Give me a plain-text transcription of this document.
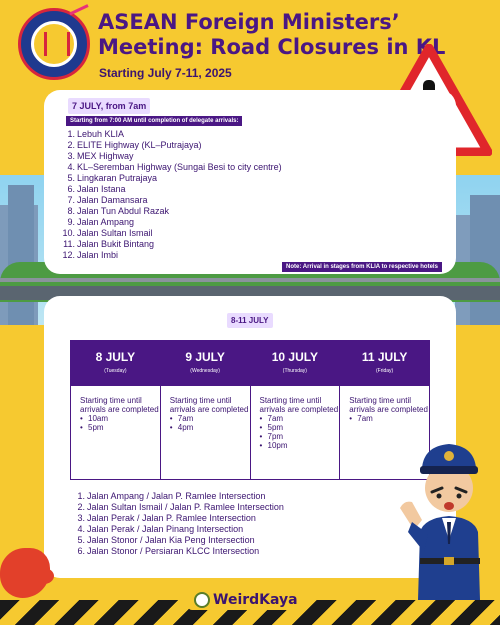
ASEAN Foreign Ministers’ Meeting: Road Closures in KL
Starting July 7-11, 2025
7 JULY, from 7am
Starting from 7:00 AM until completion of delegate arrivals:
1. Lebuh KLIA
2. ELITE Highway (KL–Putrajaya)
3. MEX Highway
4. KL–Seremban Highway (Sungai Besi to city centre)
5. Lingkaran Putrajaya
6. Jalan Istana
7. Jalan Damansara
8. Jalan Tun Abdul Razak
9. Jalan Ampang
10. Jalan Sultan Ismail
11. Jalan Bukit Bintang
12. Jalan Imbi
Note: Arrival in stages from KLIA to respective hotels
8-11 JULY
8 JULY
(Tuesday)
Starting time until arrivals are completed
• 10am
• 5pm
9 JULY
(Wednesday)
Starting time until arrivals are completed
• 7am
• 4pm
10 JULY
(Thursday)
Starting time until arrivals are completed
• 7am
• 5pm
• 7pm
• 10pm
11 JULY
(Friday)
Starting time until arrivals are completed
• 7am
1. Jalan Ampang / Jalan P. Ramlee Intersection
2. Jalan Sultan Ismail / Jalan P. Ramlee Intersection
3. Jalan Perak / Jalan P. Ramlee Intersection
4. Jalan Perak / Jalan Pinang Intersection
5. Jalan Stonor / Jalan Kia Peng Intersection
6. Jalan Stonor / Persiaran KLCC Intersection
WeirdKaya
